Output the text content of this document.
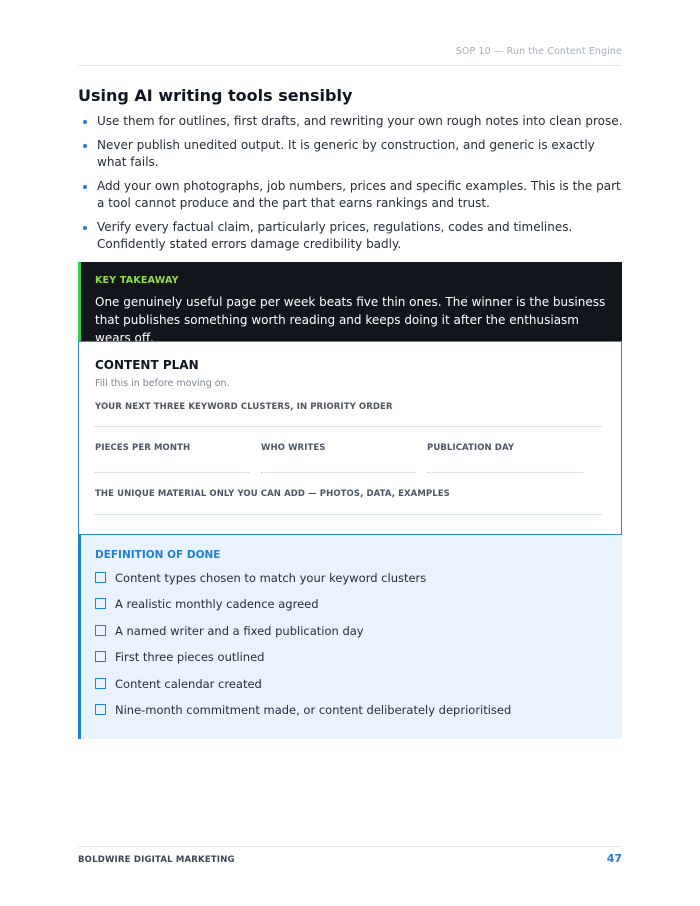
SOP 10 — Run the Content Engine
Using AI writing tools sensibly
Use them for outlines, first drafts, and rewriting your own rough notes into clean prose.
Never publish unedited output. It is generic by construction, and generic is exactly what fails.
Add your own photographs, job numbers, prices and specific examples. This is the part a tool cannot produce and the part that earns rankings and trust.
Verify every factual claim, particularly prices, regulations, codes and timelines. Confidently stated errors damage credibility badly.
KEY TAKEAWAY
One genuinely useful page per week beats five thin ones. The winner is the business that publishes something worth reading and keeps doing it after the enthusiasm wears off.
CONTENT PLAN
Fill this in before moving on.
YOUR NEXT THREE KEYWORD CLUSTERS, IN PRIORITY ORDER
PIECES PER MONTH	WHO WRITES	PUBLICATION DAY
THE UNIQUE MATERIAL ONLY YOU CAN ADD — PHOTOS, DATA, EXAMPLES
DEFINITION OF DONE
Content types chosen to match your keyword clusters
A realistic monthly cadence agreed
A named writer and a fixed publication day
First three pieces outlined
Content calendar created
Nine-month commitment made, or content deliberately deprioritised
BOLDWIRE DIGITAL MARKETING	47
